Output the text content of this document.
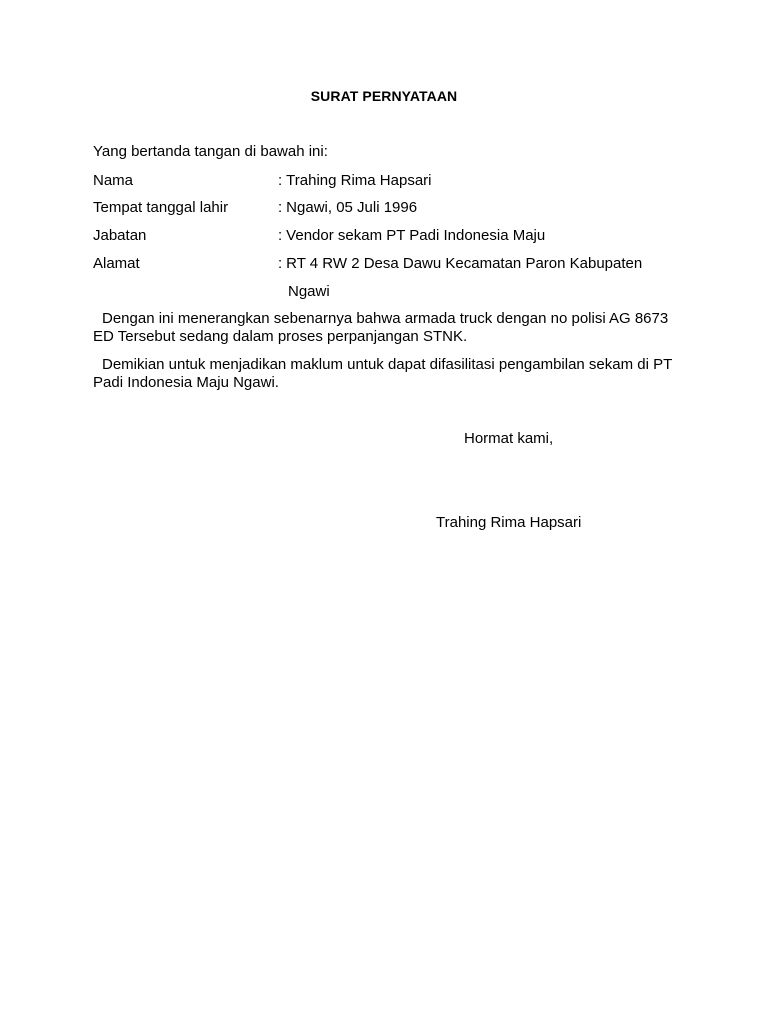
SURAT PERNYATAAN
Yang bertanda tangan di bawah ini:
Nama	: Trahing Rima Hapsari
Tempat tanggal lahir	: Ngawi, 05 Juli 1996
Jabatan	: Vendor sekam PT Padi Indonesia Maju
Alamat	: RT 4 RW 2 Desa Dawu Kecamatan Paron Kabupaten
Ngawi
Dengan ini menerangkan sebenarnya bahwa armada truck dengan no polisi AG 8673 ED Tersebut sedang dalam proses perpanjangan STNK.
Demikian untuk menjadikan maklum untuk dapat difasilitasi pengambilan sekam di PT Padi Indonesia Maju Ngawi.
Hormat kami,
Trahing Rima Hapsari
